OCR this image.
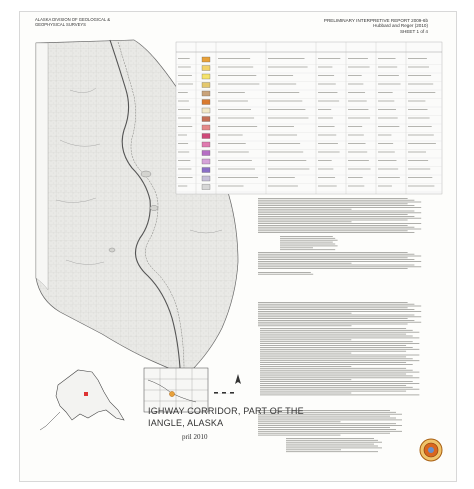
ALASKA DIVISION OF GEOLOGICAL &
GEOPHYSICAL SURVEYS
PRELIMINARY INTERPRETIVE REPORT 2009-6b
Hubbard and Reger (2010)
SHEET 1 of 4
IGHWAY CORRIDOR, PART OF THE
IANGLE, ALASKA
pril 2010
